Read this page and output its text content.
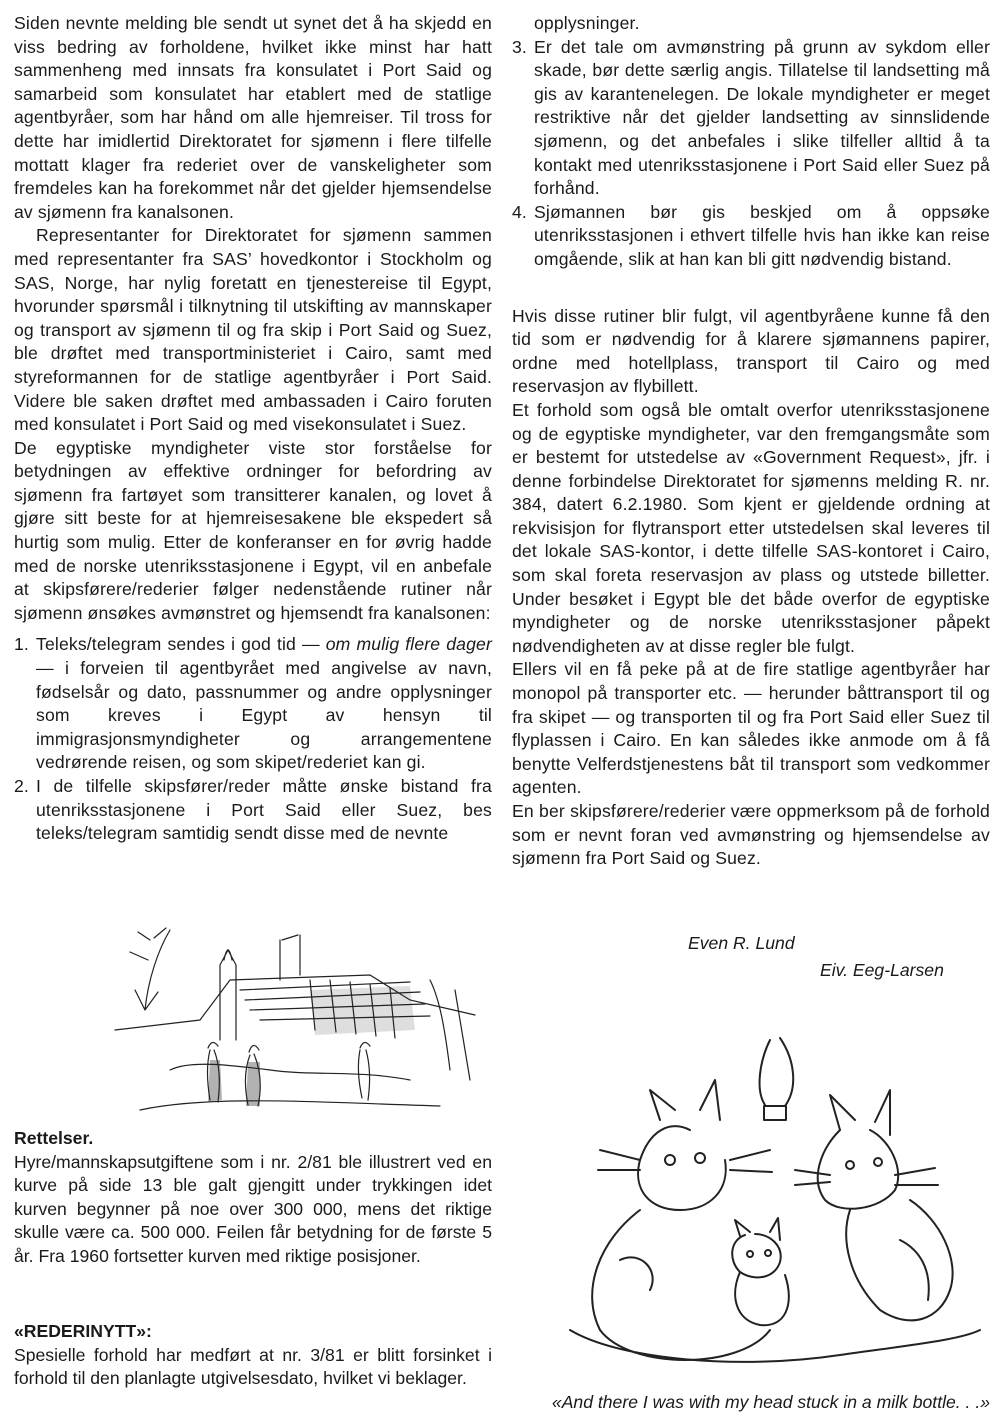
Siden nevnte melding ble sendt ut synet det å ha skjedd en viss bedring av forholdene, hvilket ikke minst har hatt sammenheng med innsats fra konsulatet i Port Said og samarbeid som konsulatet har etablert med de statlige agentbyråer, som har hånd om alle hjemreiser. Til tross for dette har imidlertid Direktoratet for sjømenn i flere tilfelle mottatt klager fra rederiet over de vanskeligheter som fremdeles kan ha forekommet når det gjelder hjemsendelse av sjømenn fra kanalsonen.

Representanter for Direktoratet for sjømenn sammen med representanter fra SAS’ hovedkontor i Stockholm og SAS, Norge, har nylig foretatt en tjenestereise til Egypt, hvorunder spørsmål i tilknytning til utskifting av mannskaper og transport av sjømenn til og fra skip i Port Said og Suez, ble drøftet med transportministeriet i Cairo, samt med styreformannen for de statlige agentbyråer i Port Said. Videre ble saken drøftet med ambassaden i Cairo foruten med konsulatet i Port Said og med visekonsulatet i Suez.

De egyptiske myndigheter viste stor forståelse for betydningen av effektive ordninger for befordring av sjømenn fra fartøyet som transitterer kanalen, og lovet å gjøre sitt beste for at hjemreisesakene ble ekspedert så hurtig som mulig. Etter de konferanser en for øvrig hadde med de norske utenriksstasjonene i Egypt, vil en anbefale at skipsførere/rederier følger nedenstående rutiner når sjømenn ønsøkes avmønstret og hjemsendt fra kanalsonen:

1. Teleks/telegram sendes i god tid — om mulig flere dager — i forveien til agentbyrået med angivelse av navn, fødselsår og dato, passnummer og andre opplysninger som kreves i Egypt av hensyn til immigrasjonsmyndigheter og arrangementene vedrørende reisen, og som skipet/rederiet kan gi.
2. I de tilfelle skipsfører/reder måtte ønske bistand fra utenriksstasjonene i Port Said eller Suez, bes teleks/telegram samtidig sendt disse med de nevnte
opplysninger.
3. Er det tale om avmønstring på grunn av sykdom eller skade, bør dette særlig angis. Tillatelse til landsetting må gis av karantenelegen. De lokale myndigheter er meget restriktive når det gjelder landsetting av sinnslidende sjømenn, og det anbefales i slike tilfeller alltid å ta kontakt med utenriksstasjonene i Port Said eller Suez på forhånd.
4. Sjømannen bør gis beskjed om å oppsøke utenriksstasjonen i ethvert tilfelle hvis han ikke kan reise omgående, slik at han kan bli gitt nødvendig bistand.

Hvis disse rutiner blir fulgt, vil agentbyråene kunne få den tid som er nødvendig for å klarere sjømannens papirer, ordne med hotellplass, transport til Cairo og med reservasjon av flybillett.

Et forhold som også ble omtalt overfor utenriksstasjonene og de egyptiske myndigheter, var den fremgangsmåte som er bestemt for utstedelse av «Government Request», jfr. i denne forbindelse Direktoratet for sjømenns melding R. nr. 384, datert 6.2.1980. Som kjent er gjeldende ordning at rekvisisjon for flytransport etter utstedelsen skal leveres til det lokale SAS-kontor, i dette tilfelle SAS-kontoret i Cairo, som skal foreta reservasjon av plass og utstede billetter. Under besøket i Egypt ble det både overfor de egyptiske myndigheter og de norske utenriksstasjoner påpekt nødvendigheten av at disse regler ble fulgt.

Ellers vil en få peke på at de fire statlige agentbyråer har monopol på transporter etc. — herunder båttransport til og fra skipet — og transporten til og fra Port Said eller Suez til flyplassen i Cairo. En kan således ikke anmode om å få benytte Velferdstjenestens båt til transport som vedkommer agenten.

En ber skipsførere/rederier være oppmerksom på de forhold som er nevnt foran ved avmønstring og hjemsendelse av sjømenn fra Port Said og Suez.

Even R. Lund
Eiv. Eeg-Larsen
Rettelser.

Hyre/mannskapsutgiftene som i nr. 2/81 ble illustrert ved en kurve på side 13 ble galt gjengitt under trykkingen idet kurven begynner på noe over 300 000, mens det riktige skulle være ca. 500 000. Feilen får betydning for de første 5 år. Fra 1960 fortsetter kurven med riktige posisjoner.

«REDERINYTT»:

Spesielle forhold har medført at nr. 3/81 er blitt forsinket i forhold til den planlagte utgivelsesdato, hvilket vi beklager.

«And there I was with my head stuck in a milk bottle. . .»
